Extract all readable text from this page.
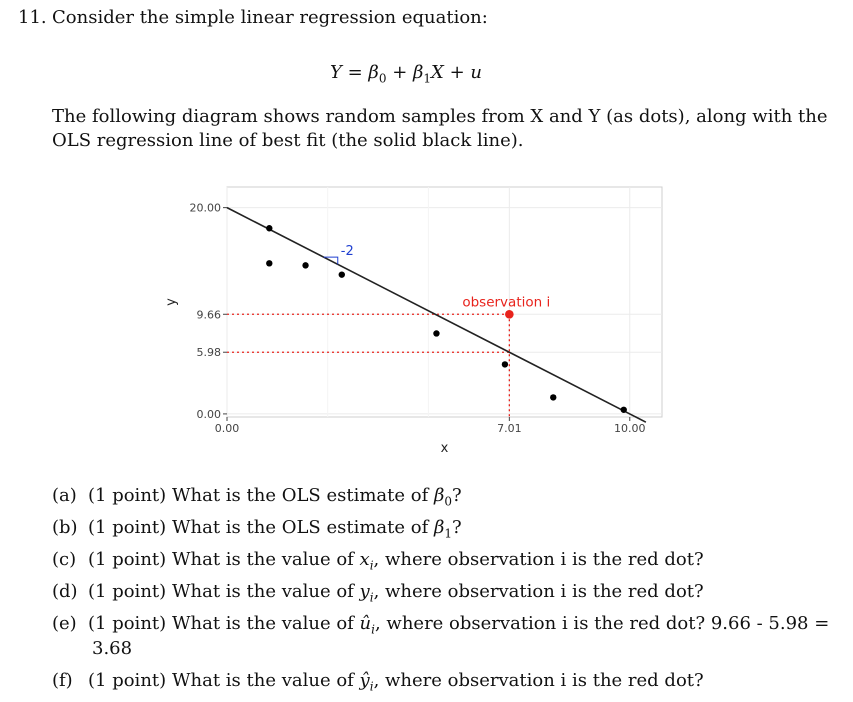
11. Consider the simple linear regression equation:
$Y = \beta_0 + \beta_1X + u$
The following diagram shows random samples from X and Y (as dots), along with the
OLS regression line of best fit (the solid black line).
0.00	7.01	10.00
0.00
5.98
9.66
20.00
x
y
-2
observation i
(a) (1 point) What is the OLS estimate of $\beta_0$?
(b) (1 point) What is the OLS estimate of $\beta_1$?
(c) (1 point) What is the value of $x_i$, where observation i is the red dot?
(d) (1 point) What is the value of $y_i$, where observation i is the red dot?
(e) (1 point) What is the value of $û_i$, where observation i is the red dot? 9.66 - 5.98 =
3.68
(f) (1 point) What is the value of $ŷ_i$, where observation i is the red dot?
